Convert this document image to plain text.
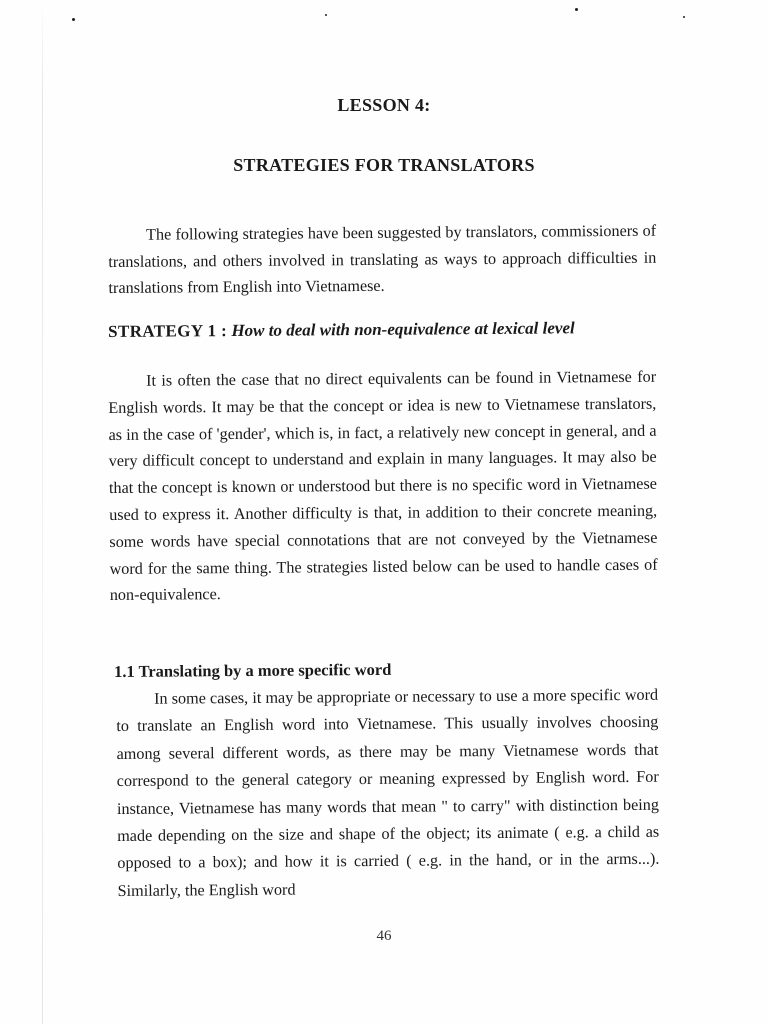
LESSON 4:
STRATEGIES FOR TRANSLATORS

The following strategies have been suggested by translators, commissioners of translations, and others involved in translating as ways to approach difficulties in translations from English into Vietnamese.

STRATEGY 1 : How to deal with non-equivalence at lexical level

It is often the case that no direct equivalents can be found in Vietnamese for English words. It may be that the concept or idea is new to Vietnamese translators, as in the case of 'gender', which is, in fact, a relatively new concept in general, and a very difficult concept to understand and explain in many languages. It may also be that the concept is known or understood but there is no specific word in Vietnamese used to express it. Another difficulty is that, in addition to their concrete meaning, some words have special connotations that are not conveyed by the Vietnamese word for the same thing. The strategies listed below can be used to handle cases of non-equivalence.

1.1 Translating by a more specific word

In some cases, it may be appropriate or necessary to use a more specific word to translate an English word into Vietnamese. This usually involves choosing among several different words, as there may be many Vietnamese words that correspond to the general category or meaning expressed by English word. For instance, Vietnamese has many words that mean " to carry" with distinction being made depending on the size and shape of the object; its animate ( e.g. a child as opposed to a box); and how it is carried ( e.g. in the hand, or in the arms...). Similarly, the English word

46
